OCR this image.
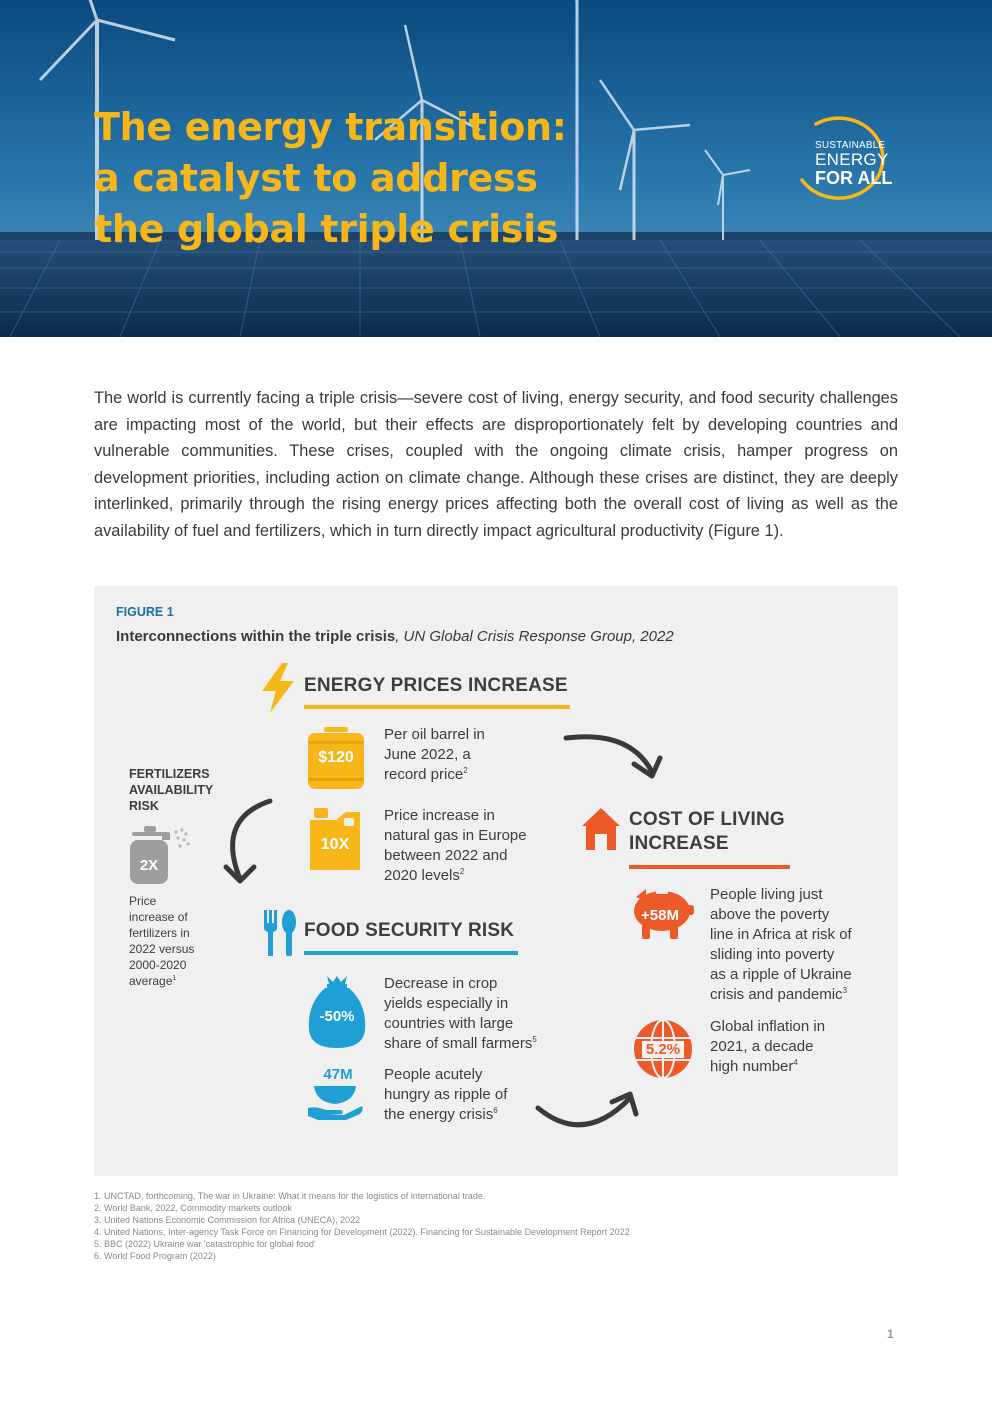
The energy transition:
a catalyst to address
the global triple crisis
SUSTAINABLE
ENERGY
FOR ALL

The world is currently facing a triple crisis—severe cost of living, energy security, and food security challenges are impacting most of the world, but their effects are disproportionately felt by developing countries and vulnerable communities. These crises, coupled with the ongoing climate crisis, hamper progress on development priorities, including action on climate change. Although these crises are distinct, they are deeply interlinked, primarily through the rising energy prices affecting both the overall cost of living as well as the availability of fuel and fertilizers, which in turn directly impact agricultural productivity (Figure 1).

FIGURE 1
Interconnections within the triple crisis, UN Global Crisis Response Group, 2022
ENERGY PRICES INCREASE
$120
Per oil barrel in
June 2022, a
record price$^2$
10X
Price increase in
natural gas in Europe
between 2022 and
2020 levels$^2$
FERTILIZERS
AVAILABILITY
RISK
2X
Price
increase of
fertilizers in
2022 versus
2000-2020
average$^1$
FOOD SECURITY RISK
-50%
Decrease in crop
yields especially in
countries with large
share of small farmers$^5$
47M	People acutely
hungry as ripple of
the energy crisis$^6$
COST OF LIVING
INCREASE
+58M
People living just
above the poverty
line in Africa at risk of
sliding into poverty
as a ripple of Ukraine
crisis and pandemic$^3$
5.2%
Global inflation in
2021, a decade
high number$^4$
1. UNCTAD, forthcoming, The war in Ukraine: What it means for the logistics of international trade.
2. World Bank, 2022, Commodity markets outlook
3. United Nations Economic Commission for Africa (UNECA), 2022
4. United Nations, Inter-agency Task Force on Financing for Development (2022). Financing for Sustainable Development Report 2022
5. BBC (2022) Ukraine war 'catastrophic for global food'
6. World Food Program (2022)
1
